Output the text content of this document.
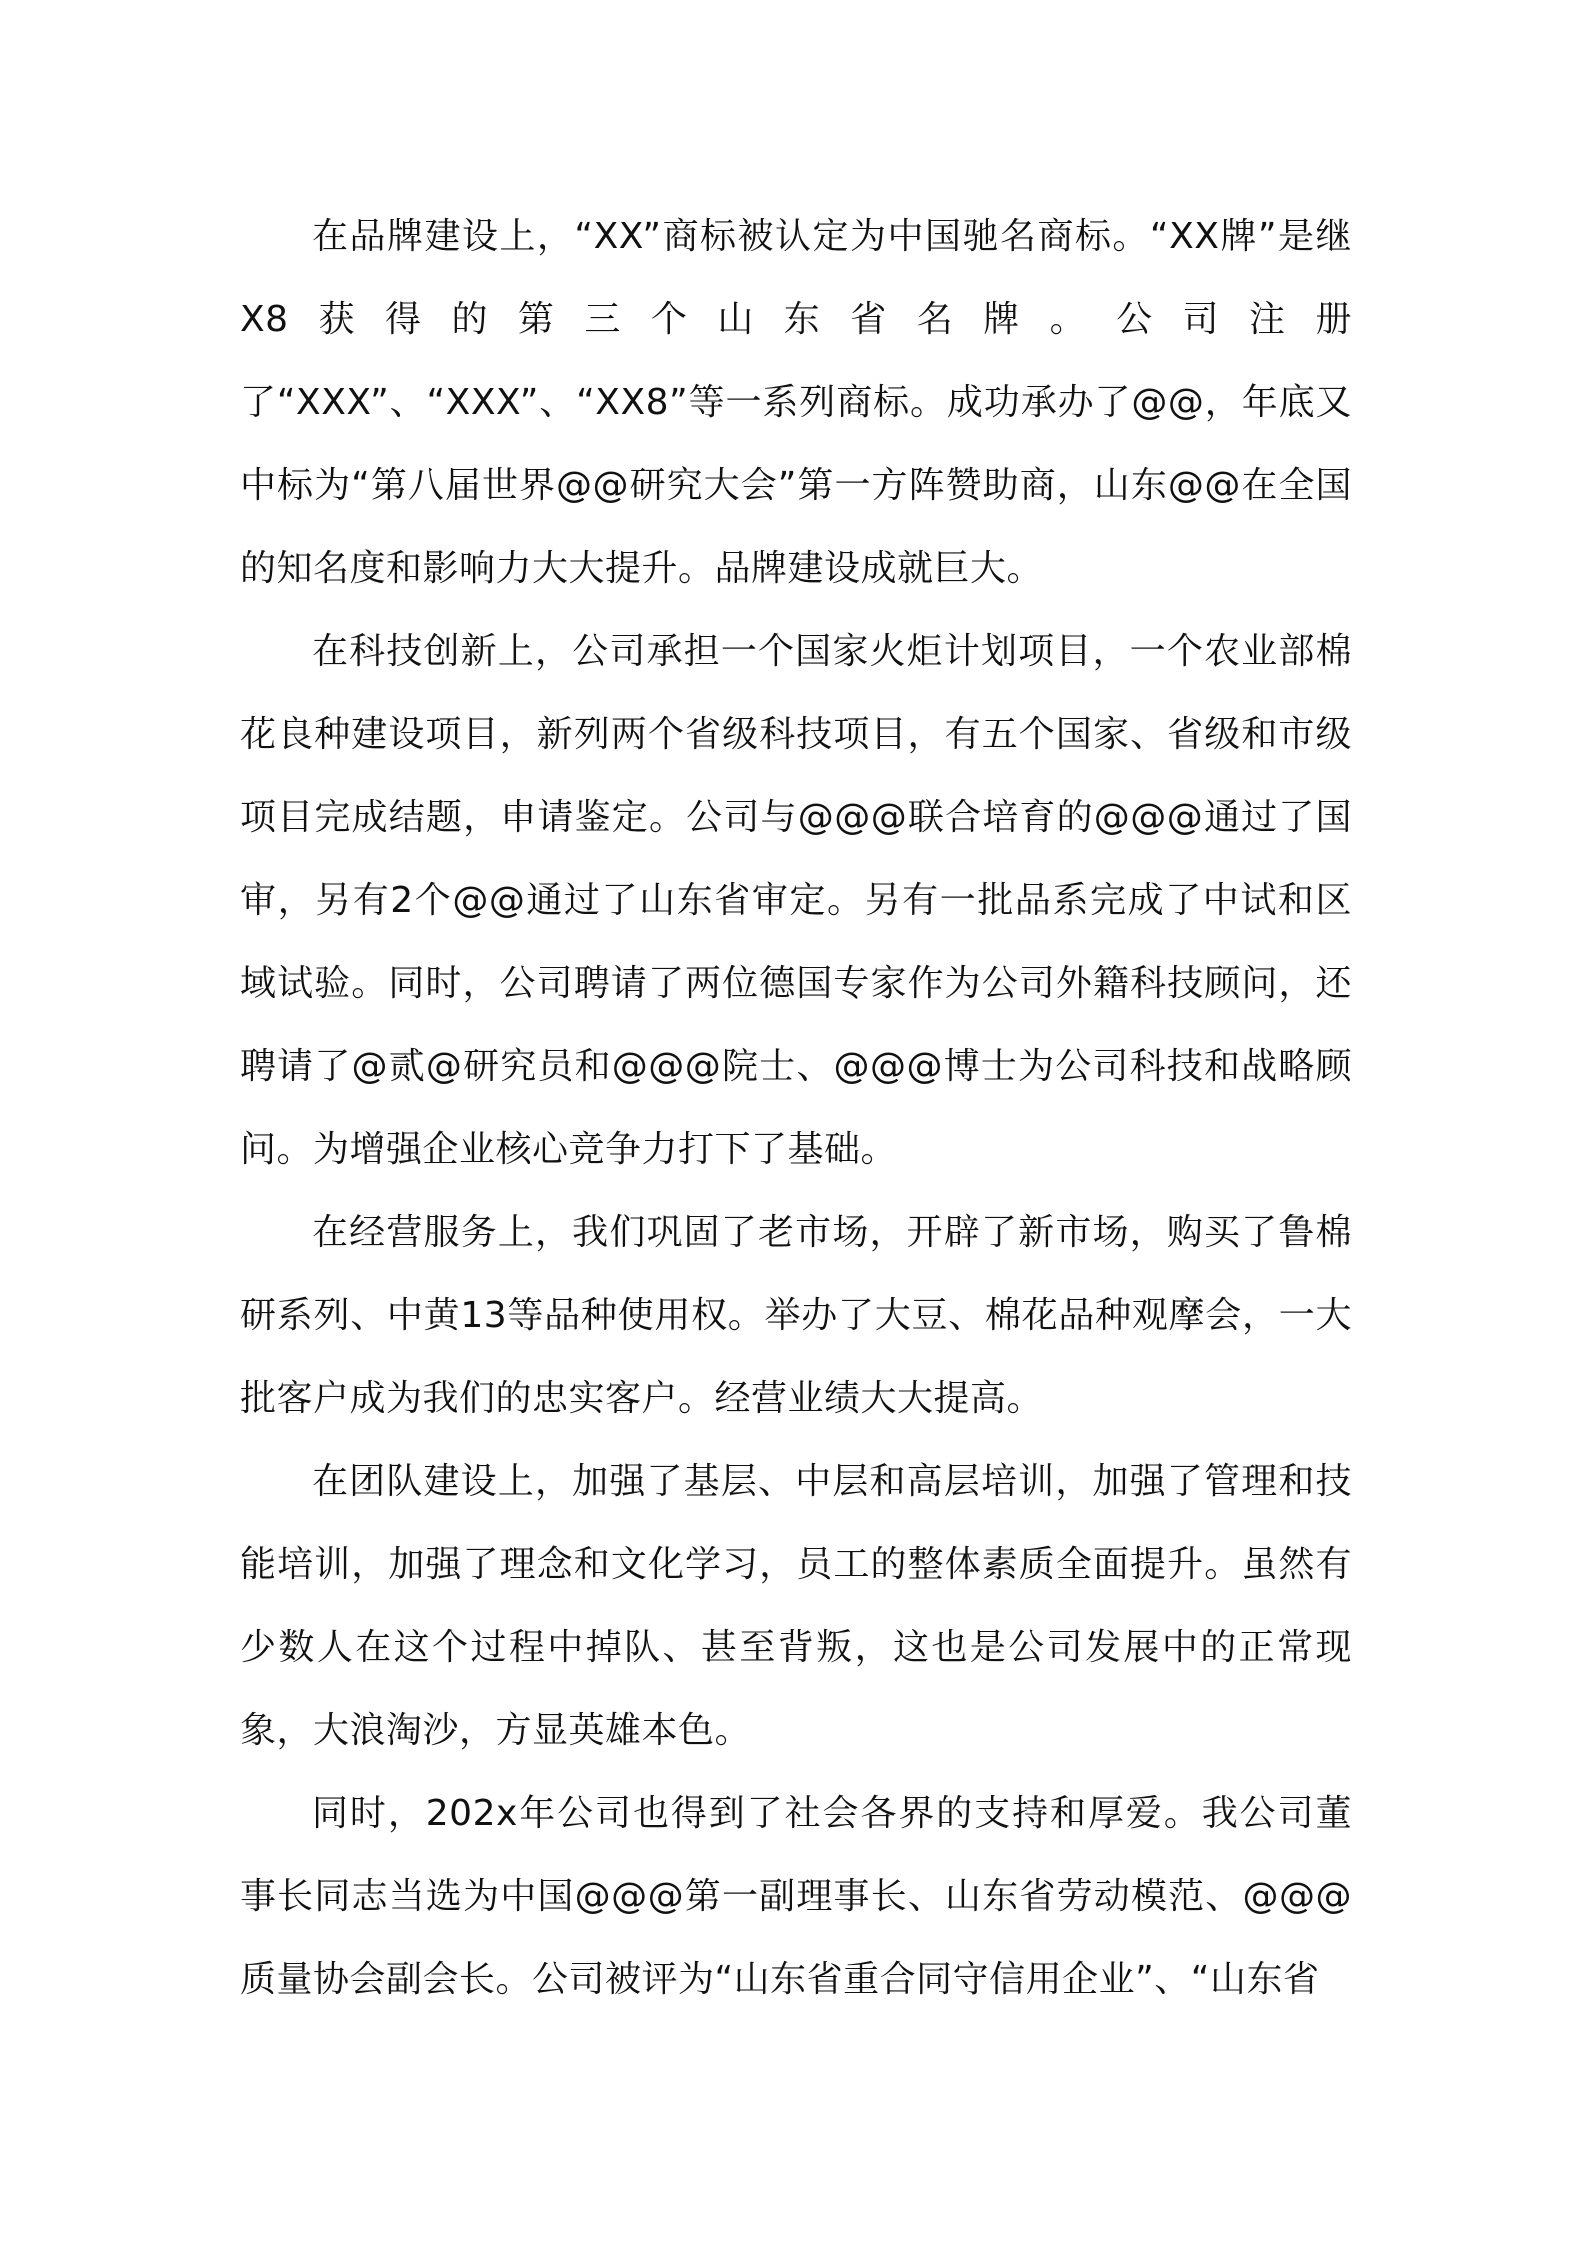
在品牌建设上，“XX”商标被认定为中国驰名商标。“XX牌”是继X8获得的第三个山东省名牌。公司注册了“XXX”、“XXX”、“XX8”等一系列商标。成功承办了@@，年底又中标为“第八届世界@@研究大会”第一方阵赞助商，山东@@在全国的知名度和影响力大大提升。品牌建设成就巨大。

在科技创新上，公司承担一个国家火炬计划项目，一个农业部棉花良种建设项目，新列两个省级科技项目，有五个国家、省级和市级项目完成结题，申请鉴定。公司与@@@联合培育的@@@通过了国审，另有2个@@通过了山东省审定。另有一批品系完成了中试和区域试验。同时，公司聘请了两位德国专家作为公司外籍科技顾问，还聘请了@贰@研究员和@@@院士、@@@博士为公司科技和战略顾问。为增强企业核心竞争力打下了基础。

在经营服务上，我们巩固了老市场，开辟了新市场，购买了鲁棉研系列、中黄13等品种使用权。举办了大豆、棉花品种观摩会，一大批客户成为我们的忠实客户。经营业绩大大提高。

在团队建设上，加强了基层、中层和高层培训，加强了管理和技能培训，加强了理念和文化学习，员工的整体素质全面提升。虽然有少数人在这个过程中掉队、甚至背叛，这也是公司发展中的正常现象，大浪淘沙，方显英雄本色。

同时，202x年公司也得到了社会各界的支持和厚爱。我公司董事长同志当选为中国@@@第一副理事长、山东省劳动模范、@@@质量协会副会长。公司被评为“山东省重合同守信用企业”、“山东省
